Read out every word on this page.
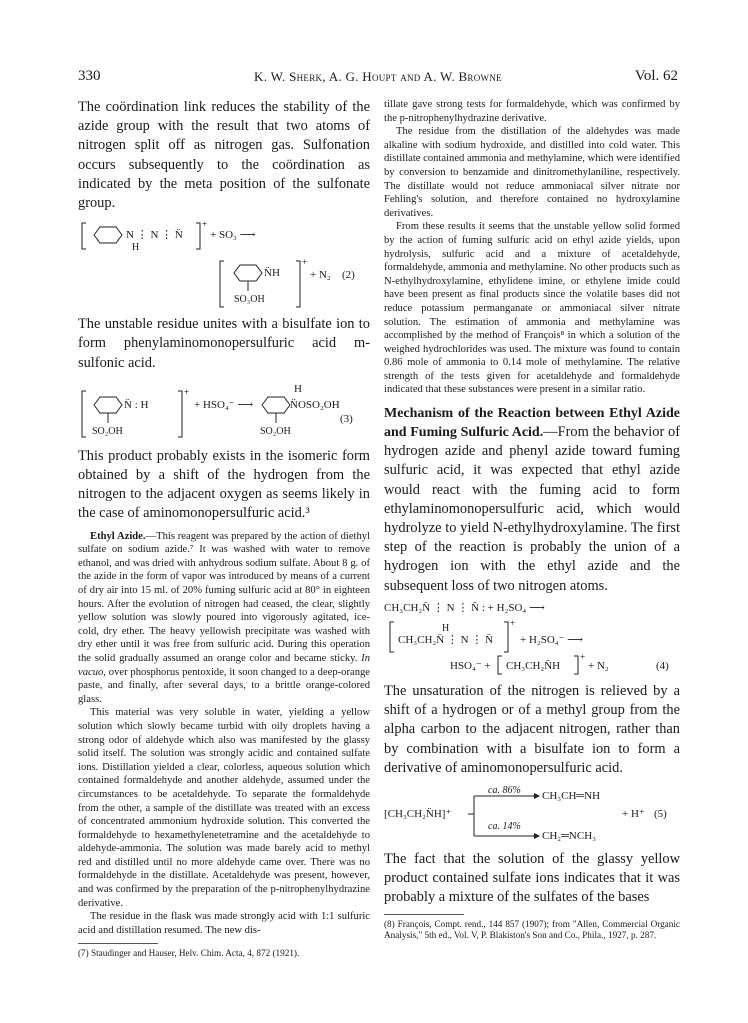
330	K. W. Sherk, A. G. Houpt and A. W. Browne	Vol. 62

The coördination link reduces the stability of the azide group with the result that two atoms of nitrogen split off as nitrogen gas. Sulfonation occurs subsequently to the coördination as indicated by the meta position of the sulfonate group.

+
+
N ⋮ N ⋮ N̈
H
+ SO₃ ⟶
N̈H	+ N₂ (2)
SO₃OH

The unstable residue unites with a bisulfate ion to form phenylaminomonopersulfuric acid m-sulfonic acid.

+
N̈ : H	+ HSO₄⁻ ⟶
H
N̈OSO₂OH
(3)
SO₂OH	SO₂OH

This product probably exists in the isomeric form obtained by a shift of the hydrogen from the nitrogen to the adjacent oxygen as seems likely in the case of aminomonopersulfuric acid.³

Ethyl Azide.—This reagent was prepared by the action of diethyl sulfate on sodium azide.⁷ It was washed with water to remove ethanol, and was dried with anhydrous sodium sulfate. About 8 g. of the azide in the form of vapor was introduced by means of a current of dry air into 15 ml. of 20% fuming sulfuric acid at 80° in eighteen hours. After the evolution of nitrogen had ceased, the clear, slightly yellow solution was slowly poured into vigorously agitated, ice-cold, dry ether. The heavy yellowish precipitate was washed with dry ether until it was free from sulfuric acid. During this operation the solid gradually assumed an orange color and became sticky. In vacuo, over phosphorus pentoxide, it soon changed to a deep-orange paste, and finally, after several days, to a brittle orange-colored glass.

This material was very soluble in water, yielding a yellow solution which slowly became turbid with oily droplets having a strong odor of aldehyde which also was manifested by the glassy solid itself. The solution was strongly acidic and contained sulfate ions. Distillation yielded a clear, colorless, aqueous solution which contained formaldehyde and another aldehyde, assumed under the circumstances to be acetaldehyde. To separate the formaldehyde from the other, a sample of the distillate was treated with an excess of concentrated ammonium hydroxide solution. This converted the formaldehyde to hexamethylenetetramine and the acetaldehyde to aldehyde-ammonia. The solution was made barely acid to methyl red and distilled until no more aldehyde came over. There was no formaldehyde in the distillate. Acetaldehyde was present, however, and was confirmed by the preparation of the p-nitrophenylhydrazine derivative.

The residue in the flask was made strongly acid with 1:1 sulfuric acid and distillation resumed. The new dis-

(7) Staudinger and Hauser, Helv. Chim. Acta, 4, 872 (1921).

tillate gave strong tests for formaldehyde, which was confirmed by the p-nitrophenylhydrazine derivative.

The residue from the distillation of the aldehydes was made alkaline with sodium hydroxide, and distilled into cold water. This distillate contained ammonia and methylamine, which were identified by conversion to benzamide and dinitromethylaniline, respectively. The distillate would not reduce ammoniacal silver nitrate nor Fehling's solution, and therefore contained no hydroxylamine derivatives.

From these results it seems that the unstable yellow solid formed by the action of fuming sulfuric acid on ethyl azide yields, upon hydrolysis, sulfuric acid and a mixture of acetaldehyde, formaldehyde, ammonia and methylamine. No other products such as N-ethylhydroxylamine, ethylidene imine, or ethylene imide could have been present as final products since the volatile bases did not reduce potassium permanganate or ammoniacal silver nitrate solution. The estimation of ammonia and methylamine was accomplished by the method of François⁸ in which a solution of the weighed hydrochlorides was used. The mixture was found to contain 0.86 mole of ammonia to 0.14 mole of methylamine. The relative strength of the tests given for acetaldehyde and formaldehyde indicated that these substances were present in a similar ratio.

Mechanism of the Reaction between Ethyl Azide and Fuming Sulfuric Acid.—From the behavior of hydrogen azide and phenyl azide toward fuming sulfuric acid, it was expected that ethyl azide would react with the fuming acid to form ethylaminomonopersulfuric acid, which would hydrolyze to yield N-ethylhydroxylamine. The first step of the reaction is probably the union of a hydrogen ion with the ethyl azide and the subsequent loss of two nitrogen atoms.
CH₃CH₂N̈ ⋮ N ⋮ N̈ : + H₂SO₄ ⟶
+
+
H
CH₃CH₂N̈ ⋮ N ⋮ N̈ + H₂SO₄⁻ ⟶
HSO₄⁻ + CH₃CH₂N̈H	+ N₂	(4)

The unsaturation of the nitrogen is relieved by a shift of a hydrogen or of a methyl group from the alpha carbon to the adjacent nitrogen, rather than by combination with a bisulfate ion to form a derivative of aminomonopersulfuric acid.

ca. 86%
ca. 14%
[CH₃CH₂N̈H]⁺
CH₃CH═NH
CH₂═NCH₃
+ H⁺ (5)

The fact that the solution of the glassy yellow product contained sulfate ions indicates that it was probably a mixture of the sulfates of the bases

(8) François, Compt. rend., 144 857 (1907); from "Allen, Commercial Organic Analysis," 5th ed., Vol. V, P. Blakiston's Son and Co., Phila., 1927, p. 287.
